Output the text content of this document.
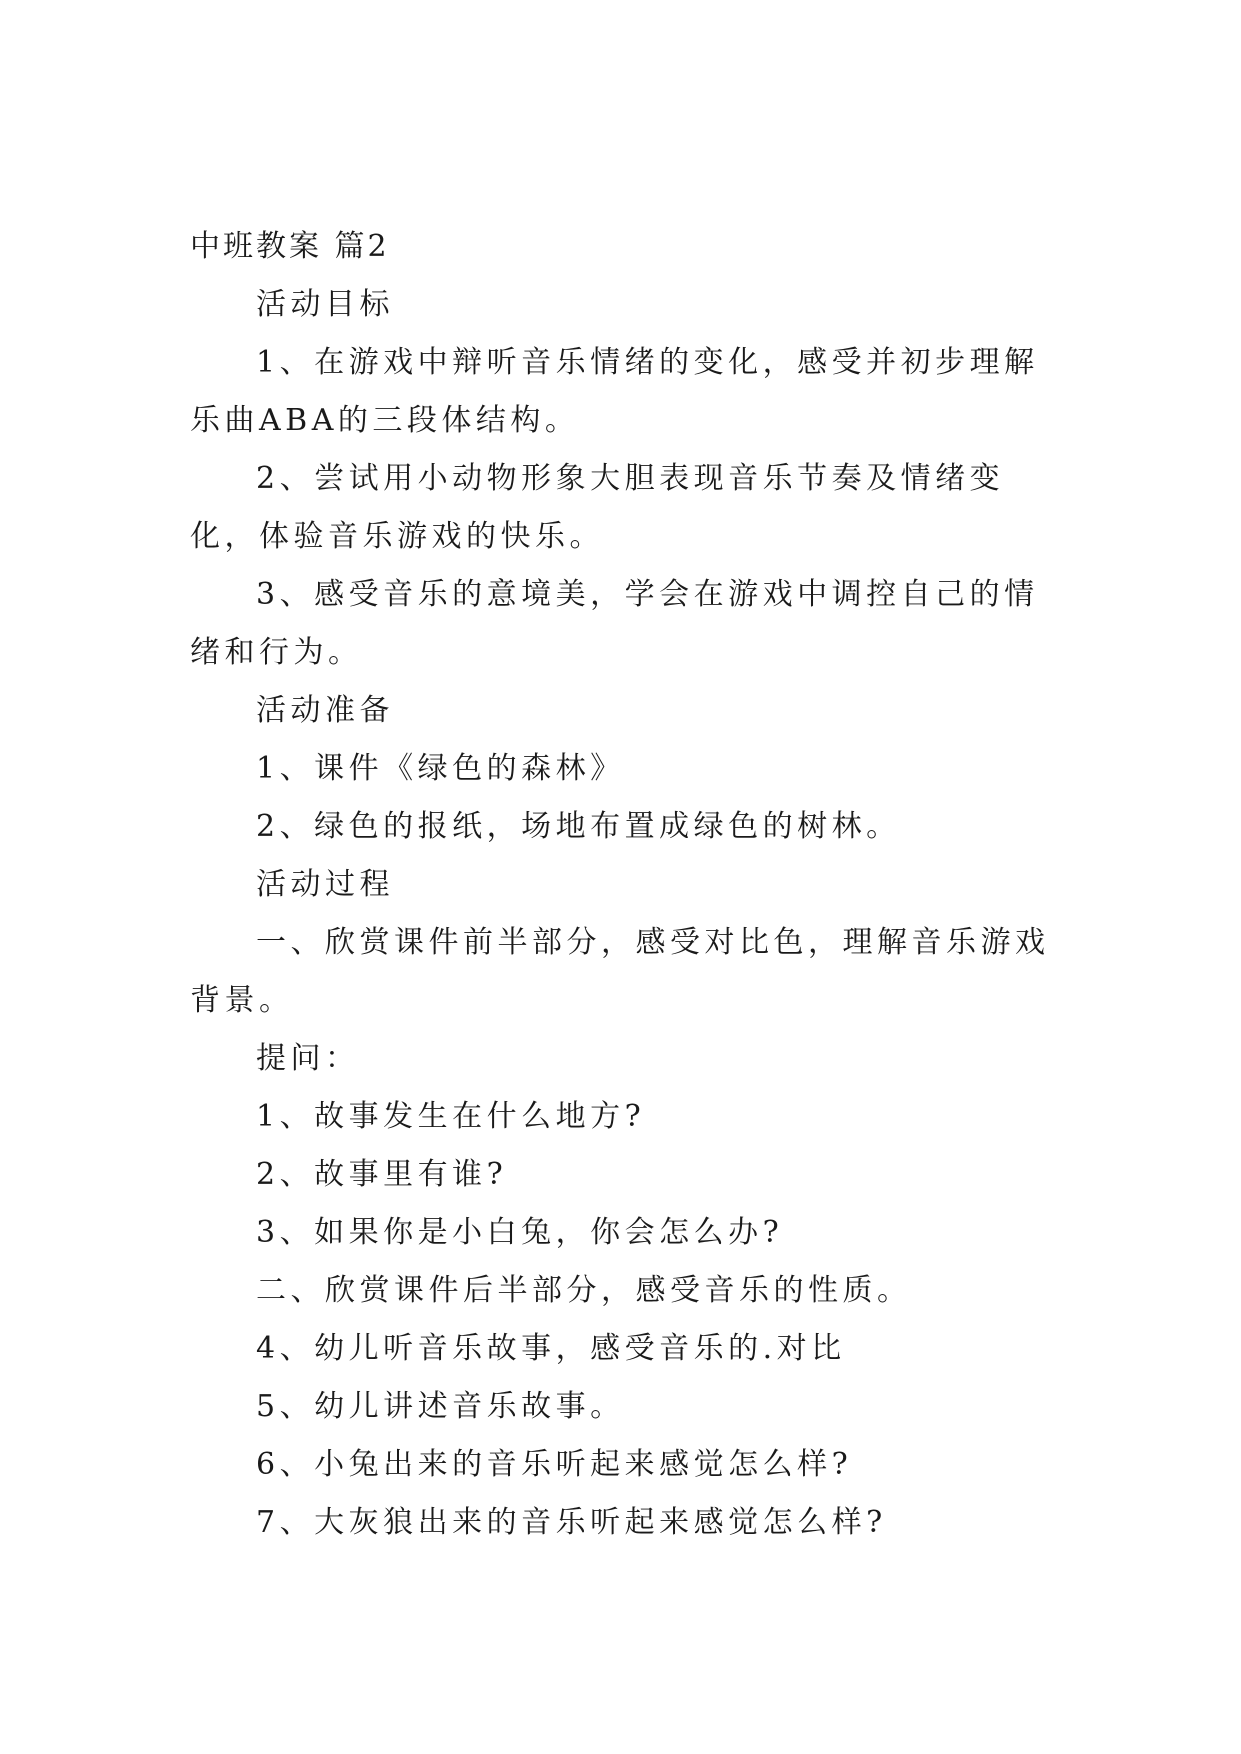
中班教案 篇2

活动目标

1、在游戏中辩听音乐情绪的变化，感受并初步理解乐曲ABA的三段体结构。

2、尝试用小动物形象大胆表现音乐节奏及情绪变化，体验音乐游戏的快乐。

3、感受音乐的意境美，学会在游戏中调控自己的情绪和行为。

活动准备

1、课件《绿色的森林》

2、绿色的报纸，场地布置成绿色的树林。

活动过程

一、欣赏课件前半部分，感受对比色，理解音乐游戏背景。

提问：

1、故事发生在什么地方?

2、故事里有谁?

3、如果你是小白兔，你会怎么办?

二、欣赏课件后半部分，感受音乐的性质。

4、幼儿听音乐故事，感受音乐的.对比

5、幼儿讲述音乐故事。

6、小兔出来的音乐听起来感觉怎么样?

7、大灰狼出来的音乐听起来感觉怎么样?
